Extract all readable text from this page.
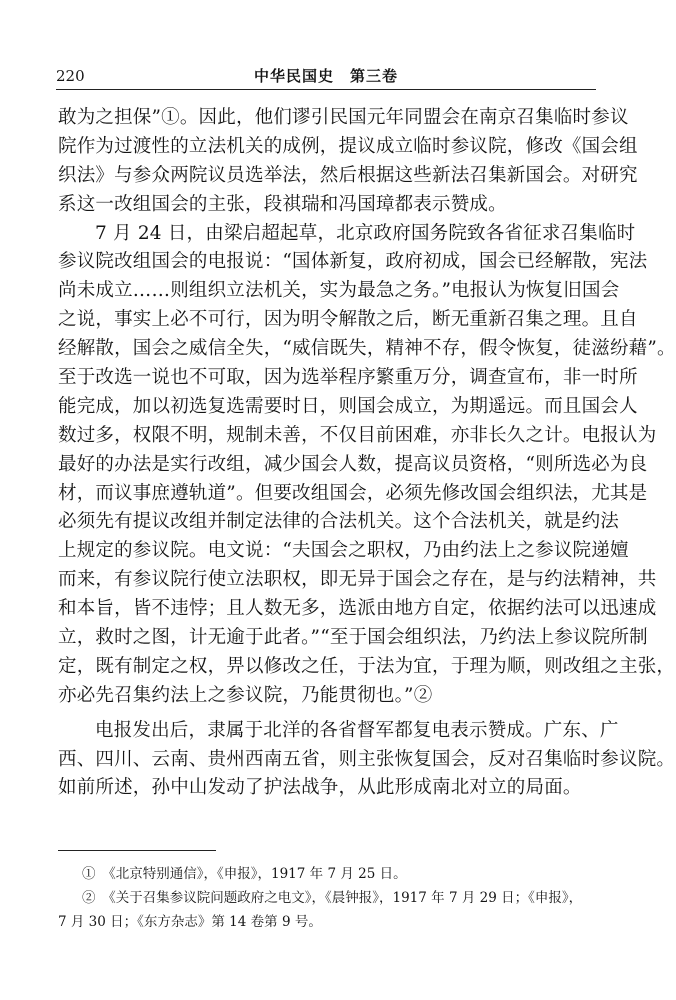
220	中华民国史　第三卷
敢为之担保”①。因此，他们谬引民国元年同盟会在南京召集临时参议
院作为过渡性的立法机关的成例，提议成立临时参议院，修改《国会组
织法》与参众两院议员选举法，然后根据这些新法召集新国会。对研究
系这一改组国会的主张，段祺瑞和冯国璋都表示赞成。
7 月 24 日，由梁启超起草，北京政府国务院致各省征求召集临时
参议院改组国会的电报说：“国体新复，政府初成，国会已经解散，宪法
尚未成立……则组织立法机关，实为最急之务。”电报认为恢复旧国会
之说，事实上必不可行，因为明令解散之后，断无重新召集之理。且自
经解散，国会之威信全失，“威信既失，精神不存，假令恢复，徒滋纷藉”。
至于改选一说也不可取，因为选举程序繁重万分，调查宣布，非一时所
能完成，加以初选复选需要时日，则国会成立，为期遥远。而且国会人
数过多，权限不明，规制未善，不仅目前困难，亦非长久之计。电报认为
最好的办法是实行改组，减少国会人数，提高议员资格，“则所选必为良
材，而议事庶遵轨道”。但要改组国会，必须先修改国会组织法，尤其是
必须先有提议改组并制定法律的合法机关。这个合法机关，就是约法
上规定的参议院。电文说：“夫国会之职权，乃由约法上之参议院递嬗
而来，有参议院行使立法职权，即无异于国会之存在，是与约法精神，共
和本旨，皆不违悖；且人数无多，选派由地方自定，依据约法可以迅速成
立，救时之图，计无逾于此者。”“至于国会组织法，乃约法上参议院所制
定，既有制定之权，畀以修改之任，于法为宜，于理为顺，则改组之主张，
亦必先召集约法上之参议院，乃能贯彻也。”②
电报发出后，隶属于北洋的各省督军都复电表示赞成。广东、广
西、四川、云南、贵州西南五省，则主张恢复国会，反对召集临时参议院。
如前所述，孙中山发动了护法战争，从此形成南北对立的局面。
①　《北京特别通信》，《申报》，1917 年 7 月 25 日。
②　《关于召集参议院问题政府之电文》，《晨钟报》，1917 年 7 月 29 日；《申报》，
7 月 30 日；《东方杂志》第 14 卷第 9 号。
